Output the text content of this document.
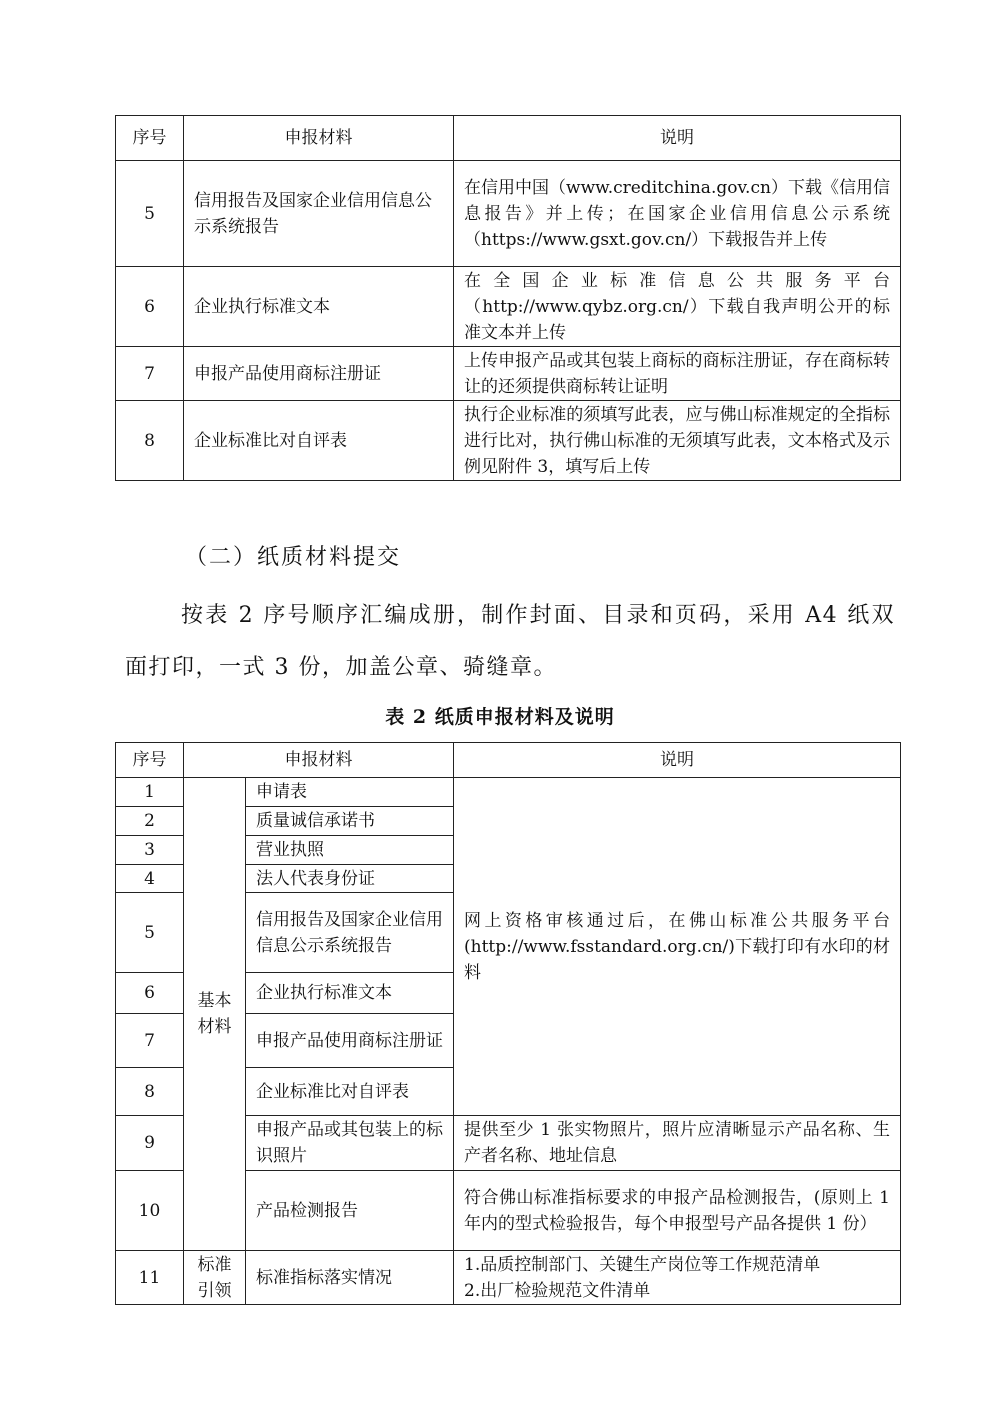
序号	申报材料	说明
5	信用报告及国家企业信用信息公示系统报告	在信用中国（www.creditchina.gov.cn）下载《信用信息报告》并上传；在国家企业信用信息公示系统（https://www.gsxt.gov.cn/）下载报告并上传
6	企业执行标准文本	在全国企业标准信息公共服务平台（http://www.qybz.org.cn/）下载自我声明公开的标准文本并上传
7	申报产品使用商标注册证	上传申报产品或其包装上商标的商标注册证，存在商标转让的还须提供商标转让证明
8	企业标准比对自评表	执行企业标准的须填写此表，应与佛山标准规定的全指标进行比对，执行佛山标准的无须填写此表，文本格式及示例见附件 3，填写后上传
（二）纸质材料提交
按表 2 序号顺序汇编成册，制作封面、目录和页码，采用 A4 纸双面打印，一式 3 份，加盖公章、骑缝章。
表 2 纸质申报材料及说明
序号	申报材料		说明
1	基本材料	申请表	网上资格审核通过后，在佛山标准公共服务平台(http://www.fsstandard.org.cn/)下载打印有水印的材料
2		质量诚信承诺书	
3		营业执照	
4		法人代表身份证	
5		信用报告及国家企业信用信息公示系统报告	
6		企业执行标准文本	
7		申报产品使用商标注册证	
8		企业标准比对自评表	
9		申报产品或其包装上的标识照片	提供至少 1 张实物照片，照片应清晰显示产品名称、生产者名称、地址信息
10		产品检测报告	符合佛山标准指标要求的申报产品检测报告，(原则上 1 年内的型式检验报告，每个申报型号产品各提供 1 份）
11	标准引领	标准指标落实情况	1.品质控制部门、关键生产岗位等工作规范清单
2.出厂检验规范文件清单
